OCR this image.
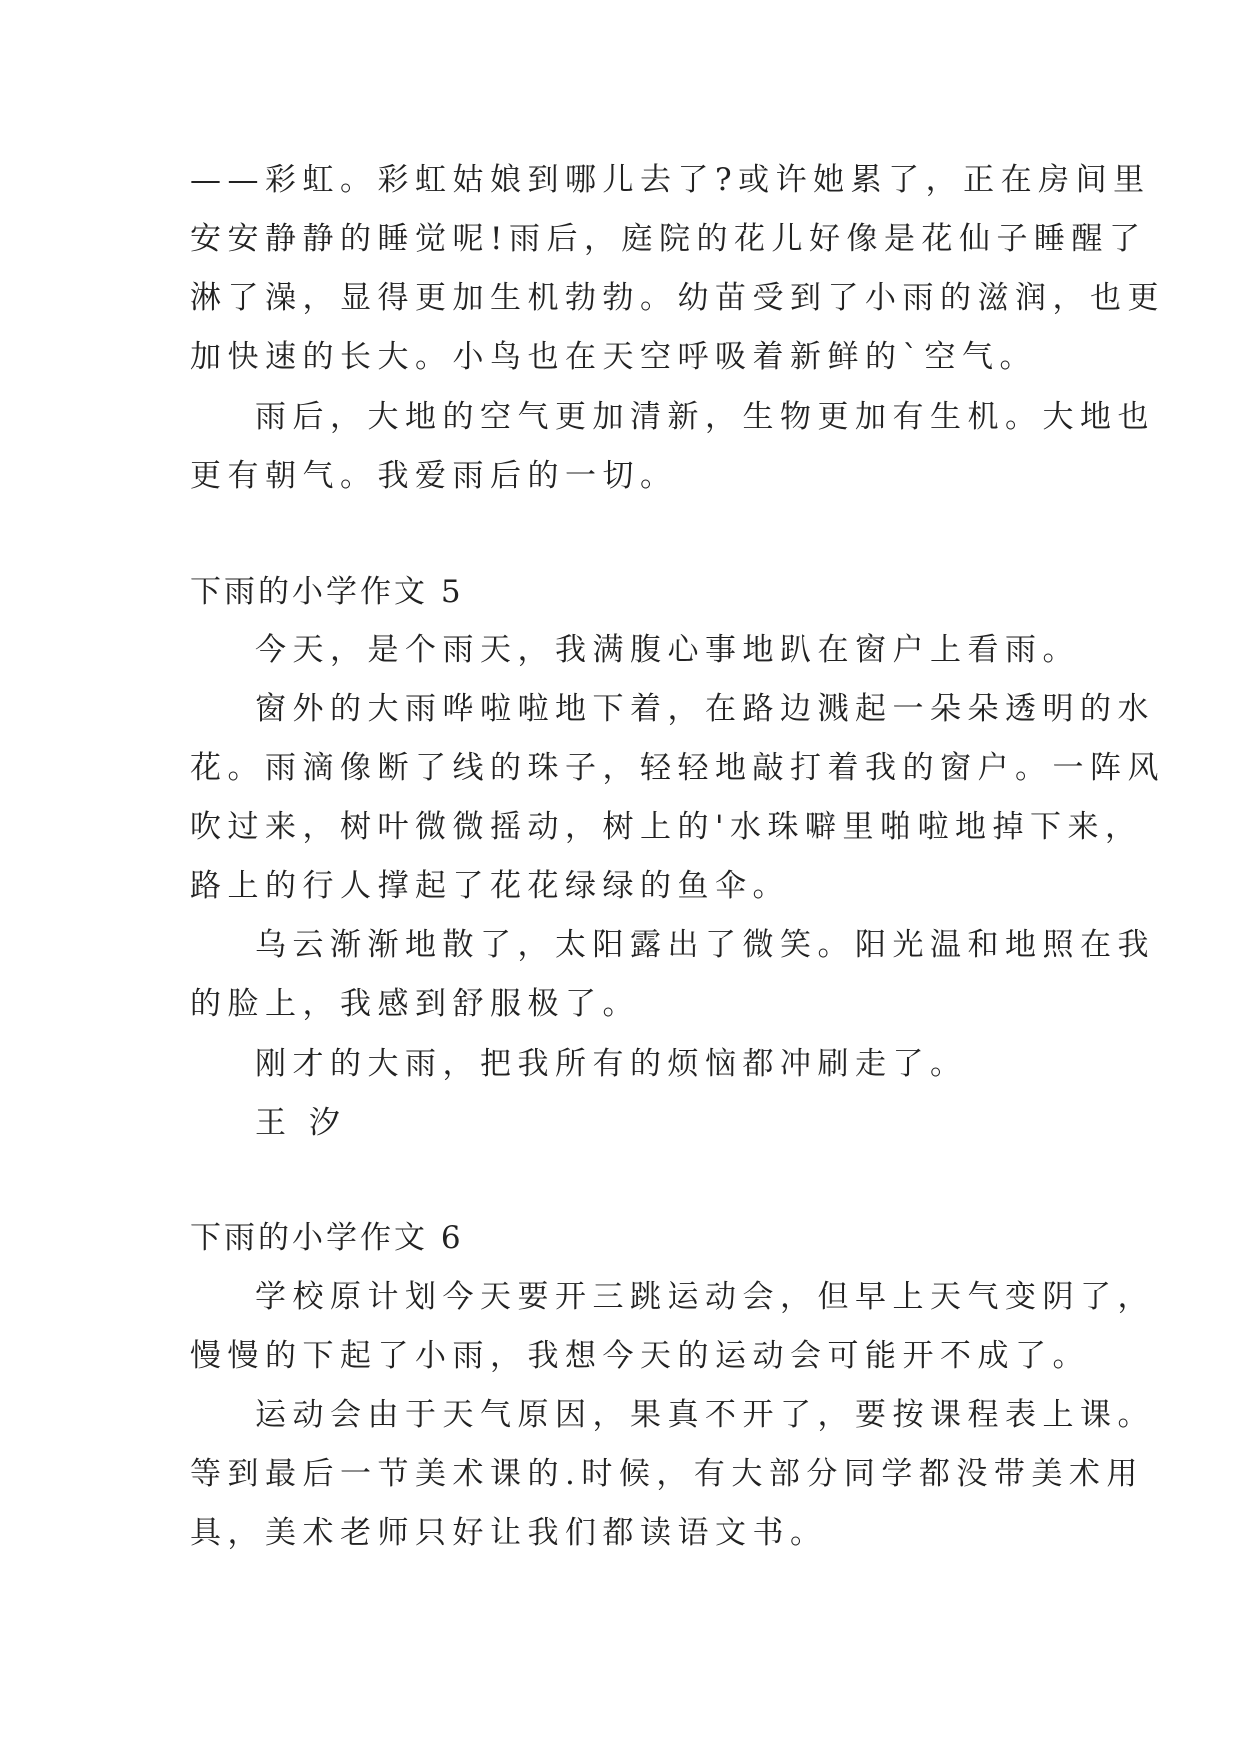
——彩虹。彩虹姑娘到哪儿去了?或许她累了，正在房间里
安安静静的睡觉呢!雨后，庭院的花儿好像是花仙子睡醒了
淋了澡，显得更加生机勃勃。幼苗受到了小雨的滋润，也更
加快速的长大。小鸟也在天空呼吸着新鲜的`空气。
雨后，大地的空气更加清新，生物更加有生机。大地也
更有朝气。我爱雨后的一切。
下雨的小学作文 5
今天，是个雨天，我满腹心事地趴在窗户上看雨。
窗外的大雨哗啦啦地下着，在路边溅起一朵朵透明的水
花。雨滴像断了线的珠子，轻轻地敲打着我的窗户。一阵风
吹过来，树叶微微摇动，树上的'水珠噼里啪啦地掉下来，
路上的行人撑起了花花绿绿的鱼伞。
乌云渐渐地散了，太阳露出了微笑。阳光温和地照在我
的脸上，我感到舒服极了。
刚才的大雨，把我所有的烦恼都冲刷走了。
王 汐
下雨的小学作文 6
学校原计划今天要开三跳运动会，但早上天气变阴了，
慢慢的下起了小雨，我想今天的运动会可能开不成了。
运动会由于天气原因，果真不开了，要按课程表上课。
等到最后一节美术课的.时候，有大部分同学都没带美术用
具，美术老师只好让我们都读语文书。
